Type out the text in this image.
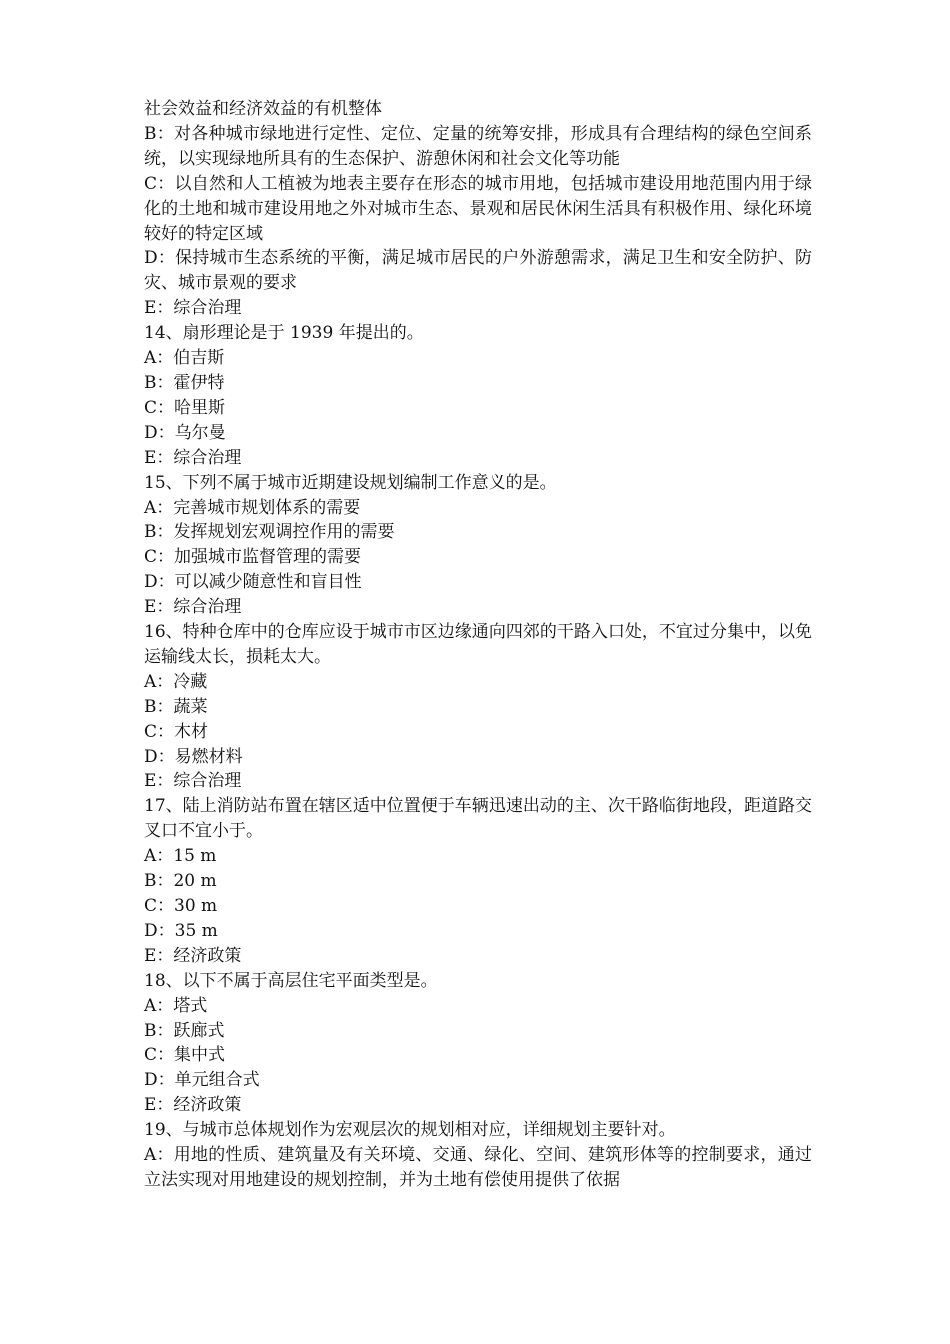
社会效益和经济效益的有机整体
B：对各种城市绿地进行定性、定位、定量的统筹安排，形成具有合理结构的绿色空间系统，以实现绿地所具有的生态保护、游憩休闲和社会文化等功能
C：以自然和人工植被为地表主要存在形态的城市用地，包括城市建设用地范围内用于绿化的土地和城市建设用地之外对城市生态、景观和居民休闲生活具有积极作用、绿化环境较好的特定区域
D：保持城市生态系统的平衡，满足城市居民的户外游憩需求，满足卫生和安全防护、防灾、城市景观的要求
E：综合治理
14、扇形理论是于 1939 年提出的。
A：伯吉斯
B：霍伊特
C：哈里斯
D：乌尔曼
E：综合治理
15、下列不属于城市近期建设规划编制工作意义的是。
A：完善城市规划体系的需要
B：发挥规划宏观调控作用的需要
C：加强城市监督管理的需要
D：可以减少随意性和盲目性
E：综合治理
16、特种仓库中的仓库应设于城市市区边缘通向四郊的干路入口处，不宜过分集中，以免运输线太长，损耗太大。
A：冷藏
B：蔬菜
C：木材
D：易燃材料
E：综合治理
17、陆上消防站布置在辖区适中位置便于车辆迅速出动的主、次干路临街地段，距道路交叉口不宜小于。
A：15 m
B：20 m
C：30 m
D：35 m
E：经济政策
18、以下不属于高层住宅平面类型是。
A：塔式
B：跃廊式
C：集中式
D：单元组合式
E：经济政策
19、与城市总体规划作为宏观层次的规划相对应，详细规划主要针对。
A：用地的性质、建筑量及有关环境、交通、绿化、空间、建筑形体等的控制要求，通过立法实现对用地建设的规划控制，并为土地有偿使用提供了依据
